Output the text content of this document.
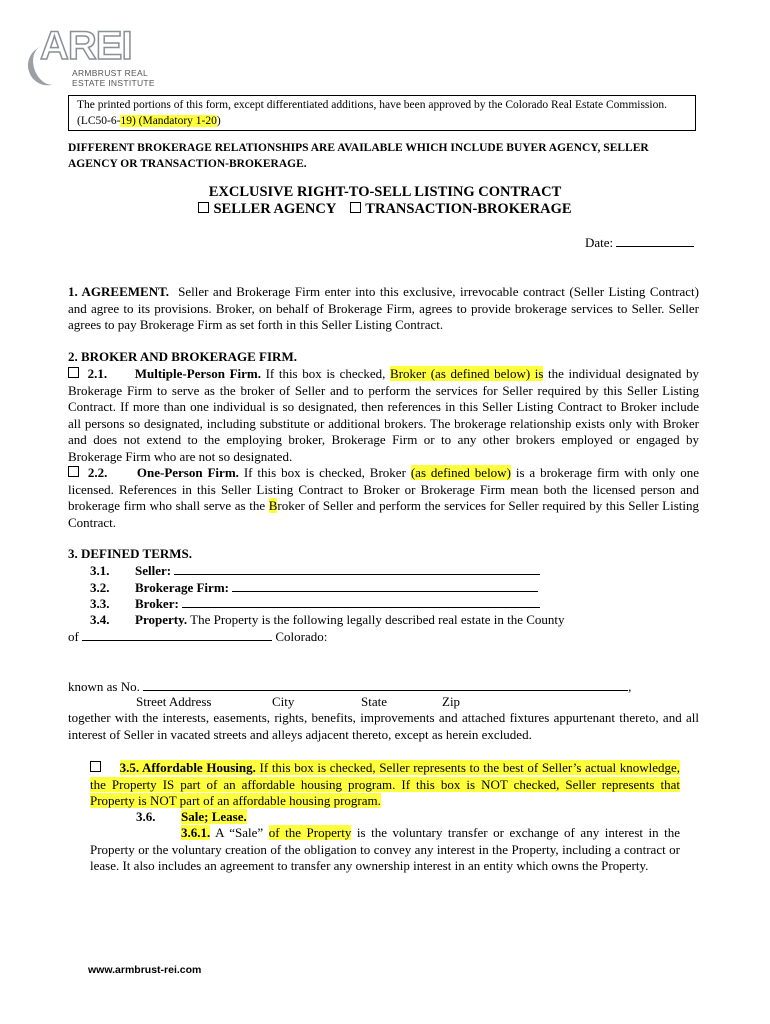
AREI
ARMBRUST REAL
ESTATE INSTITUTE
The printed portions of this form, except differentiated additions, have been approved by the Colorado Real Estate Commission.
(LC50-6-19) (Mandatory 1-20)
DIFFERENT BROKERAGE RELATIONSHIPS ARE AVAILABLE WHICH INCLUDE BUYER AGENCY, SELLER AGENCY OR TRANSACTION-BROKERAGE.
EXCLUSIVE RIGHT-TO-SELL LISTING CONTRACT
SELLER AGENCY TRANSACTION-BROKERAGE
Date:
1. AGREEMENT. Seller and Brokerage Firm enter into this exclusive, irrevocable contract (Seller Listing Contract) and agree to its provisions. Broker, on behalf of Brokerage Firm, agrees to provide brokerage services to Seller. Seller agrees to pay Brokerage Firm as set forth in this Seller Listing Contract.
2. BROKER AND BROKERAGE FIRM.
2.1. Multiple-Person Firm. If this box is checked, Broker (as defined below) is the individual designated by Brokerage Firm to serve as the broker of Seller and to perform the services for Seller required by this Seller Listing Contract. If more than one individual is so designated, then references in this Seller Listing Contract to Broker include all persons so designated, including substitute or additional brokers. The brokerage relationship exists only with Broker and does not extend to the employing broker, Brokerage Firm or to any other brokers employed or engaged by Brokerage Firm who are not so designated.
2.2. One-Person Firm. If this box is checked, Broker (as defined below) is a brokerage firm with only one licensed. References in this Seller Listing Contract to Broker or Brokerage Firm mean both the licensed person and brokerage firm who shall serve as the Broker of Seller and perform the services for Seller required by this Seller Listing Contract.
3. DEFINED TERMS.
3.1. Seller:
3.2. Brokerage Firm:
3.3. Broker:
3.4. Property. The Property is the following legally described real estate in the County
of	Colorado:
known as No.	,
Street Address	City	State	Zip
together with the interests, easements, rights, benefits, improvements and attached fixtures appurtenant thereto, and all interest of Seller in vacated streets and alleys adjacent thereto, except as herein excluded.
3.5. Affordable Housing. If this box is checked, Seller represents to the best of Seller’s actual knowledge, the Property IS part of an affordable housing program. If this box is NOT checked, Seller represents that Property is NOT part of an affordable housing program.
3.6. Sale; Lease.
3.6.1. A “Sale” of the Property is the voluntary transfer or exchange of any interest in the Property or the voluntary creation of the obligation to convey any interest in the Property, including a contract or lease. It also includes an agreement to transfer any ownership interest in an entity which owns the Property.
www.armbrust-rei.com
